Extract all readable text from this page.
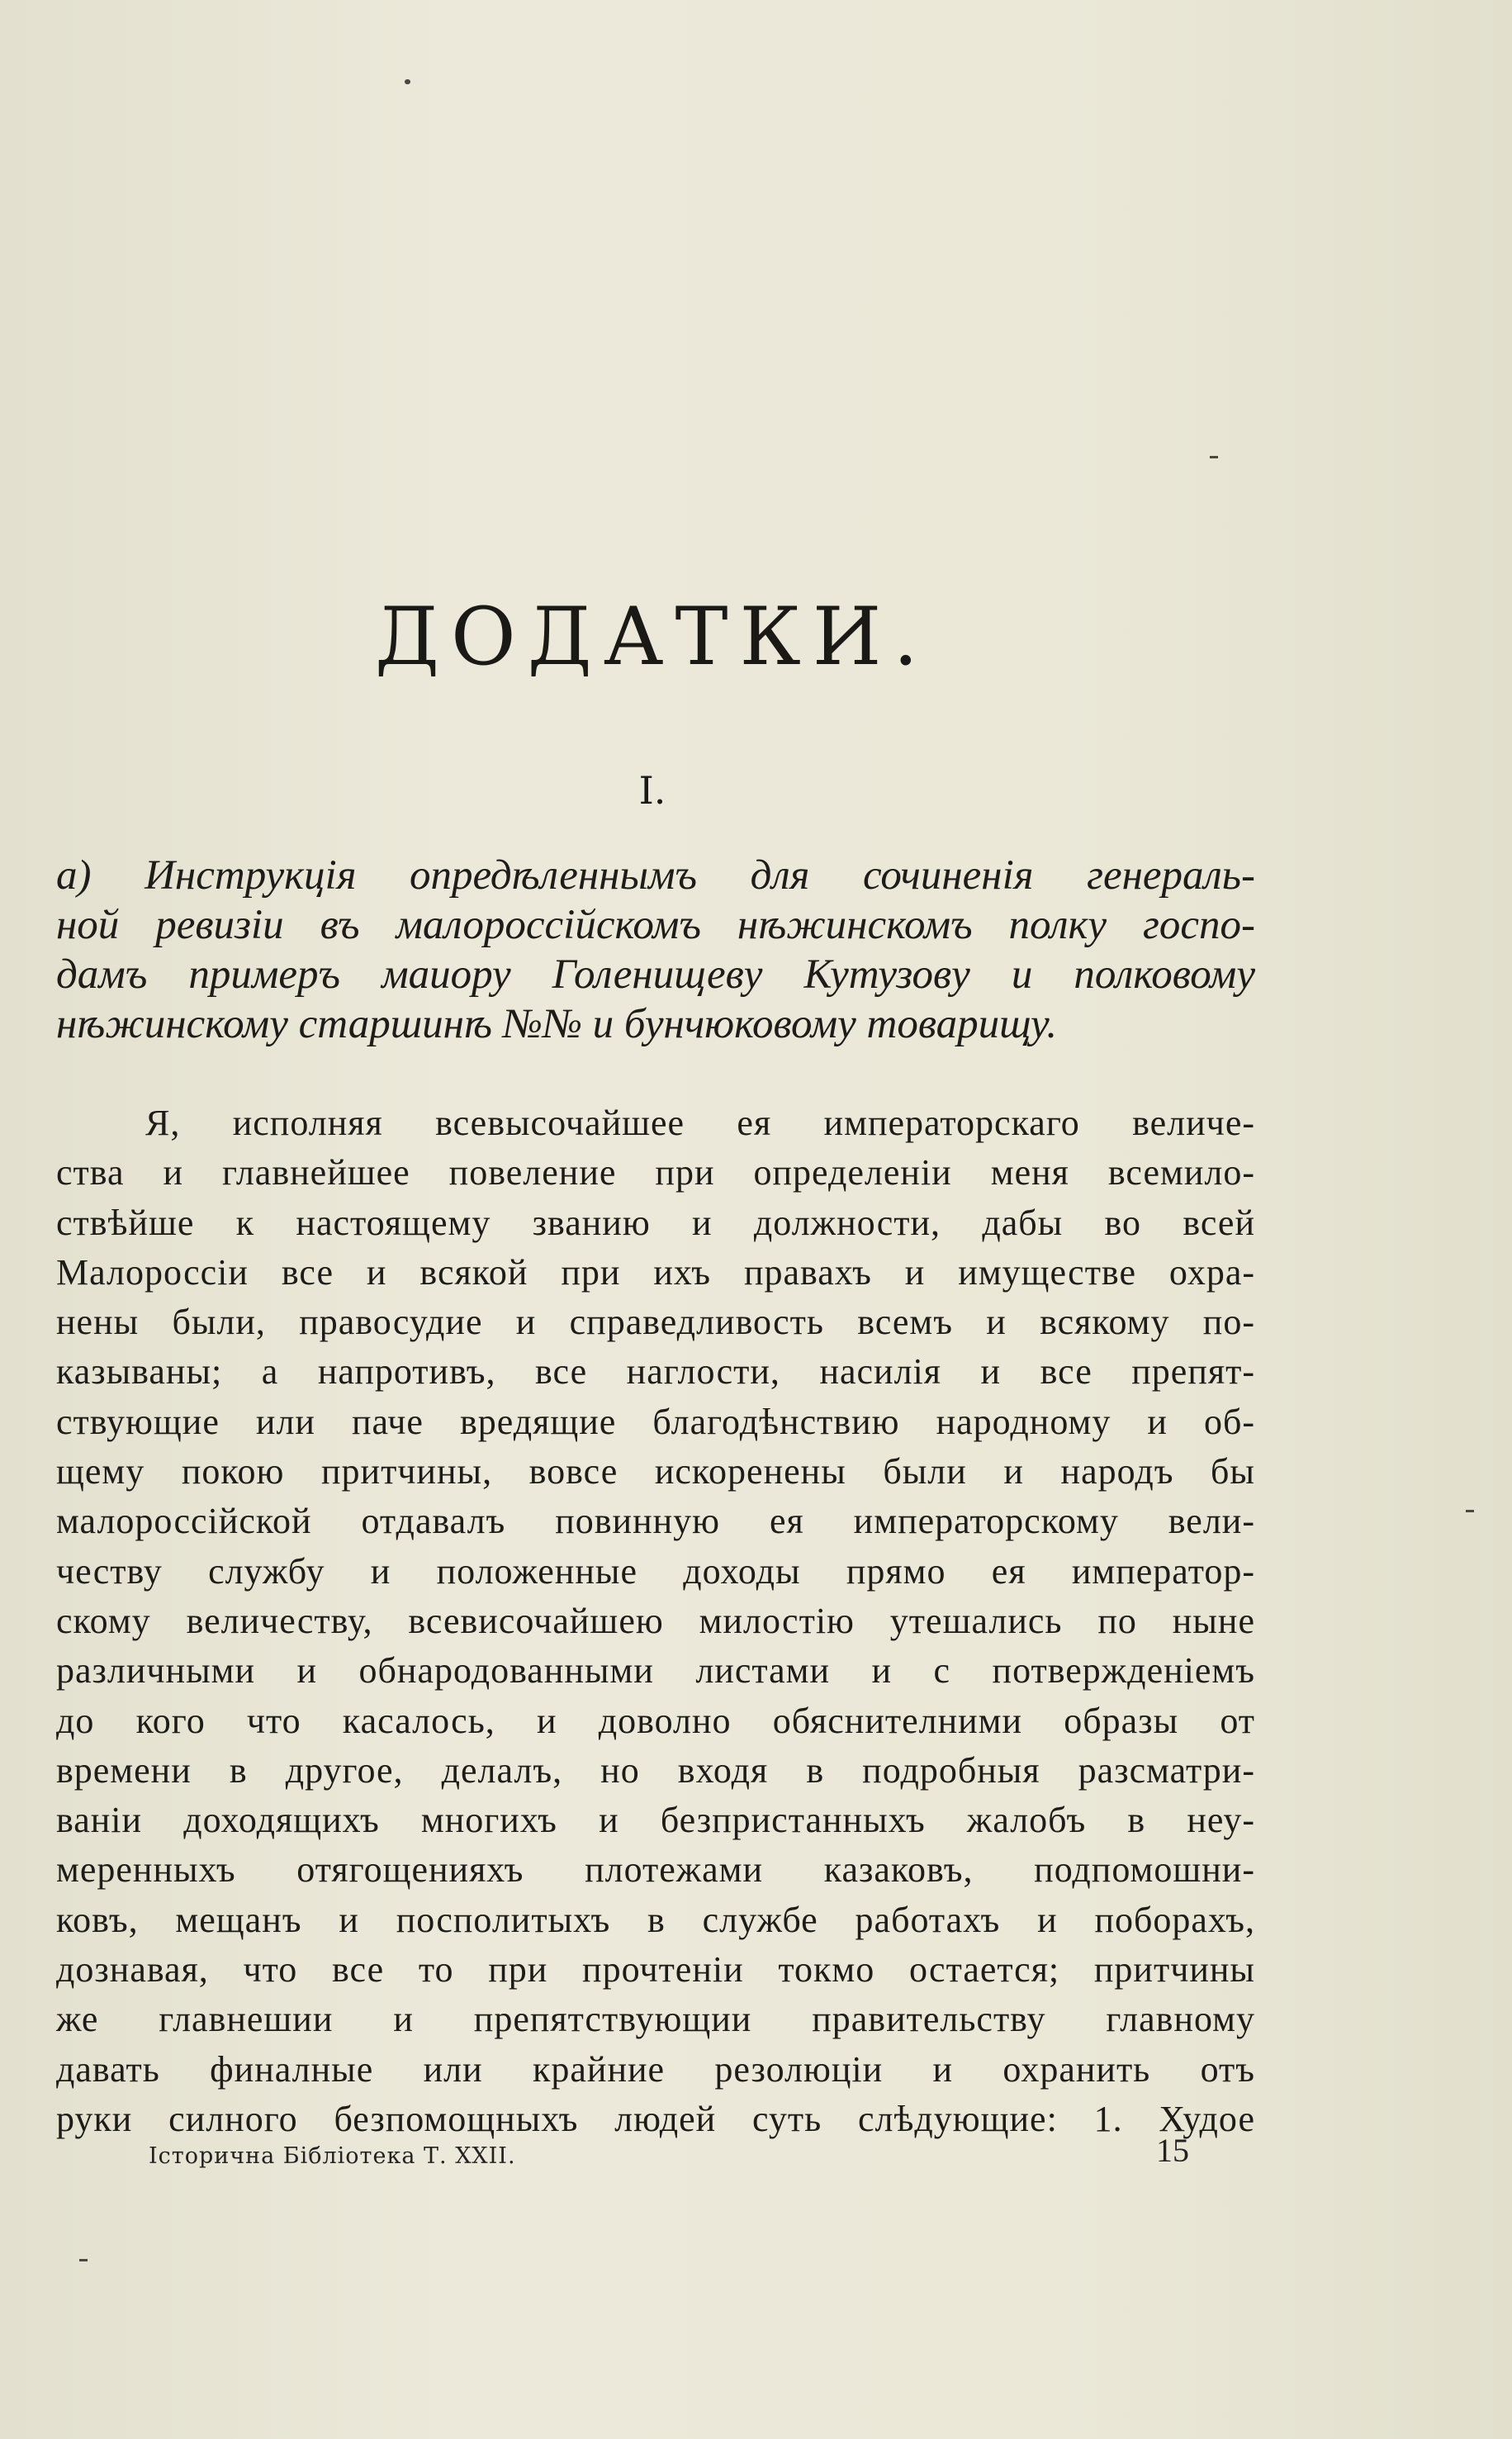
ДОДАТКИ.
I.
а) Инструкція опредѣленнымъ для сочиненія генераль-
ной ревизіи въ малороссійскомъ нѣжинскомъ полку госпо-
дамъ примеръ маиору Голенищеву Кутузову и полковому
нѣжинскому старшинѣ №№ и бунчюковому товарищу.
Я, исполняя всевысочайшее ея императорскаго величе-
ства и главнейшее повеление при определеніи меня всемило-
ствѣйше к настоящему званию и должности, дабы во всей
Малороссіи все и всякой при ихъ правахъ и имуществе охра-
нены были, правосудие и справедливость всемъ и всякому по-
казываны; а напротивъ, все наглости, насилія и все препят-
ствующие или паче вредящие благодѣнствию народному и об-
щему покою притчины, вовсе искоренены были и народъ бы
малороссійской отдавалъ повинную ея императорскому вели-
честву службу и положенные доходы прямо ея император-
скому величеству, всевисочайшею милостію утешались по ныне
различными и обнародованными листами и с потвержденіемъ
до кого что касалось, и доволно обяснителними образы от
времени в другое, делалъ, но входя в подробныя разсматри-
ваніи доходящихъ многихъ и безпристанныхъ жалобъ в неу-
меренныхъ отягощенияхъ плотежами казаковъ, подпомошни-
ковъ, мещанъ и посполитыхъ в службе работахъ и поборахъ,
дознавая, что все то при прочтеніи токмо остается; притчины
же главнешии и препятствующии правительству главному
давать финалные или крайние резолюціи и охранить отъ
руки силного безпомощныхъ людей суть слѣдующие: 1. Худое
Історична Бібліотека Т. XXII.	15
